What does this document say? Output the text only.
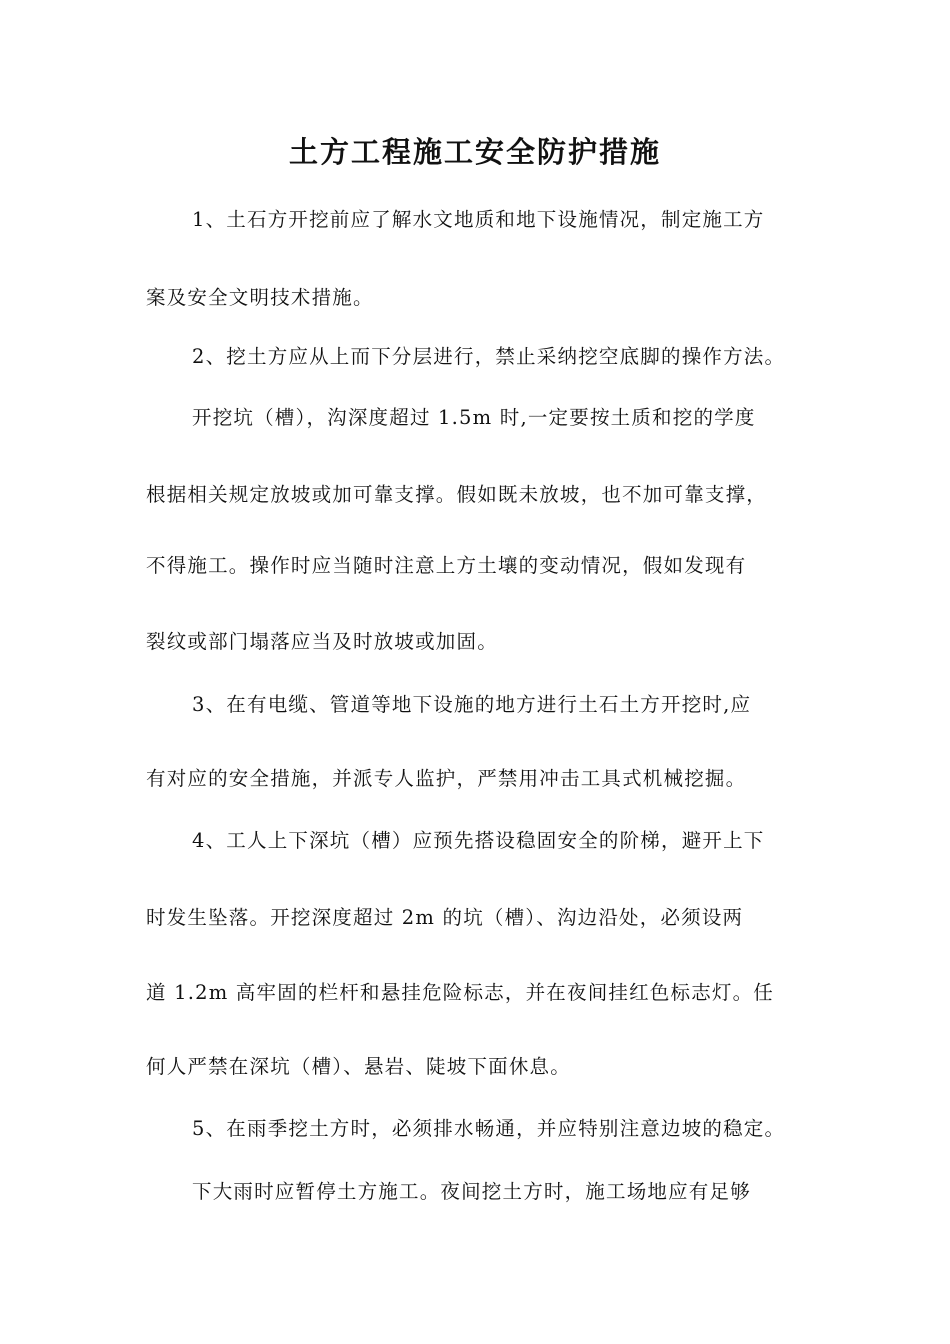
土方工程施工安全防护措施
1、土石方开挖前应了解水文地质和地下设施情况，制定施工方
案及安全文明技术措施。
2、挖土方应从上而下分层进行，禁止采纳挖空底脚的操作方法。
开挖坑（槽），沟深度超过 1.5m 时,一定要按土质和挖的学度
根据相关规定放坡或加可靠支撑。假如既未放坡，也不加可靠支撑，
不得施工。操作时应当随时注意上方土壤的变动情况，假如发现有
裂纹或部门塌落应当及时放坡或加固。
3、在有电缆、管道等地下设施的地方进行土石土方开挖时,应
有对应的安全措施，并派专人监护，严禁用冲击工具式机械挖掘。
4、工人上下深坑（槽）应预先搭设稳固安全的阶梯，避开上下
时发生坠落。开挖深度超过 2m 的坑（槽）、沟边沿处，必须设两
道 1.2m 高牢固的栏杆和悬挂危险标志，并在夜间挂红色标志灯。任
何人严禁在深坑（槽）、悬岩、陡坡下面休息。
5、在雨季挖土方时，必须排水畅通，并应特别注意边坡的稳定。
下大雨时应暂停土方施工。夜间挖土方时，施工场地应有足够
